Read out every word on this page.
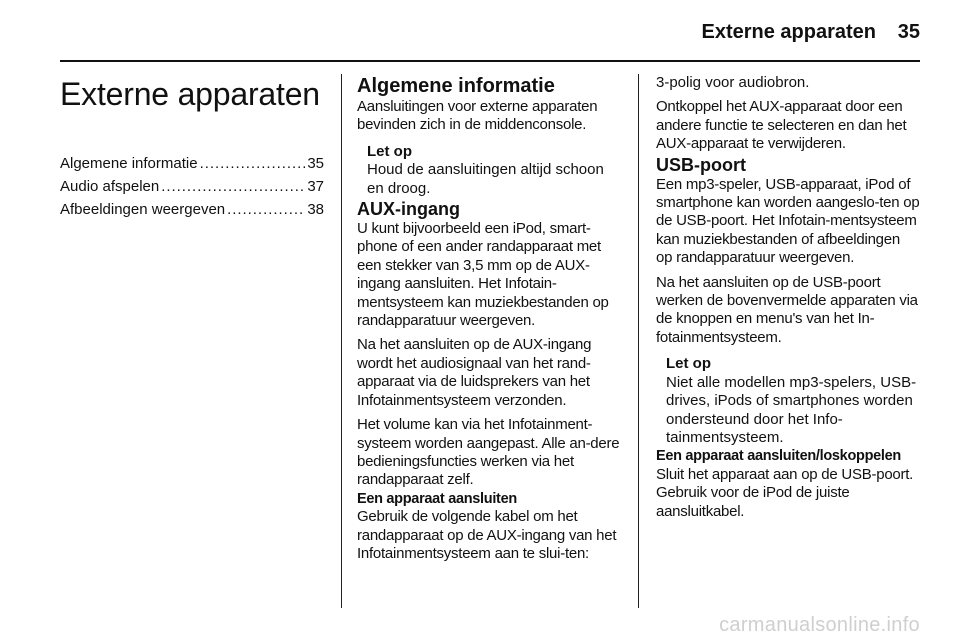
Externe apparaten	35
Externe apparaten
Algemene informatie . . .	35
Audio afspelen . . .	37
Afbeeldingen weergeven . . .	38
Algemene informatie

Aansluitingen voor externe apparaten bevinden zich in de middenconsole.

Let op

Houd de aansluitingen altijd schoon en droog.

AUX-ingang

U kunt bijvoorbeeld een iPod, smart-phone of een ander randapparaat met een stekker van 3,5 mm op de AUX-ingang aansluiten. Het Infotain-mentsysteem kan muziekbestanden op randapparatuur weergeven.

Na het aansluiten op de AUX-ingang wordt het audiosignaal van het rand-apparaat via de luidsprekers van het Infotainmentsysteem verzonden.

Het volume kan via het Infotainment-systeem worden aangepast. Alle an-dere bedieningsfuncties werken via het randapparaat zelf.

Een apparaat aansluiten

Gebruik de volgende kabel om het randapparaat op de AUX-ingang van het Infotainmentsysteem aan te slui-ten:

3-polig voor audiobron.

Ontkoppel het AUX-apparaat door een andere functie te selecteren en dan het AUX-apparaat te verwijderen.

USB-poort

Een mp3-speler, USB-apparaat, iPod of smartphone kan worden aangeslo-ten op de USB-poort. Het Infotain-mentsysteem kan muziekbestanden of afbeeldingen op randapparatuur weergeven.

Na het aansluiten op de USB-poort werken de bovenvermelde apparaten via de knoppen en menu's van het In-fotainmentsysteem.

Let op

Niet alle modellen mp3-spelers, USB-drives, iPods of smartphones worden ondersteund door het Info-tainmentsysteem.

Een apparaat aansluiten/loskoppelen

Sluit het apparaat aan op de USB-poort. Gebruik voor de iPod de juiste aansluitkabel.

carmanualsonline.info
